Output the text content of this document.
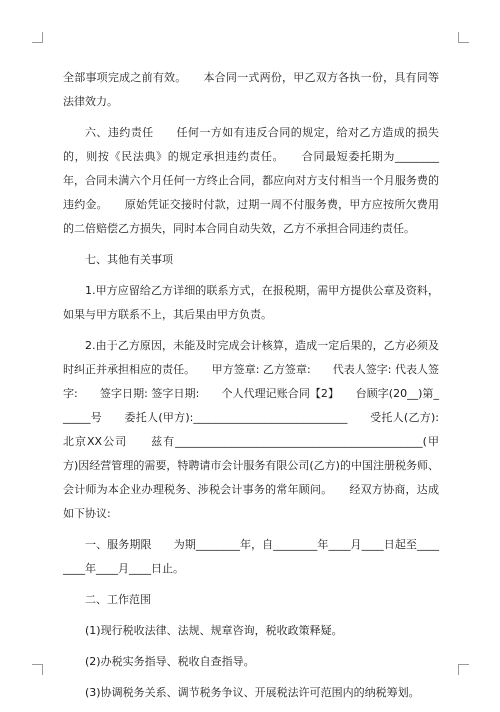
全部事项完成之前有效。　　本合同一式两份，甲乙双方各执一份，具有同等法律效力。

六、违约责任　　任何一方如有违反合同的规定，给对乙方造成的损失的，则按《民法典》的规定承担违约责任。　　合同最短委托期为________年，合同未满六个月任何一方终止合同，都应向对方支付相当一个月服务费的违约金。　　原始凭证交接时付款，过期一周不付服务费，甲方应按所欠费用的二倍赔偿乙方损失，同时本合同自动失效，乙方不承担合同违约责任。

七、其他有关事项

1.甲方应留给乙方详细的联系方式，在报税期，需甲方提供公章及资料，如果与甲方联系不上，其后果由甲方负责。

2.由于乙方原因，未能及时完成会计核算，造成一定后果的，乙方必须及时纠正并承担相应的责任。　　甲方签章: 乙方签章:　　代表人签字: 代表人签字:　　签字日期: 签字日期:　　个人代理记账合同【2】　　台顾字(20__)第______号　　委托人(甲方):____________________________　　受托人(乙方):北京XX公司　　兹有_____________________________________________(甲方)因经营管理的需要，特聘请市会计服务有限公司(乙方)的中国注册税务师、会计师为本企业办理税务、涉税会计事务的常年顾问。　　经双方协商，达成如下协议:

一、服务期限　　为期________年，自________年____月____日起至________年____月____日止。

二、工作范围

(1)现行税收法律、法规、规章咨询，税收政策释疑。

(2)办税实务指导、税收自查指导。

(3)协调税务关系、调节税务争议、开展税法许可范围内的纳税筹划。
